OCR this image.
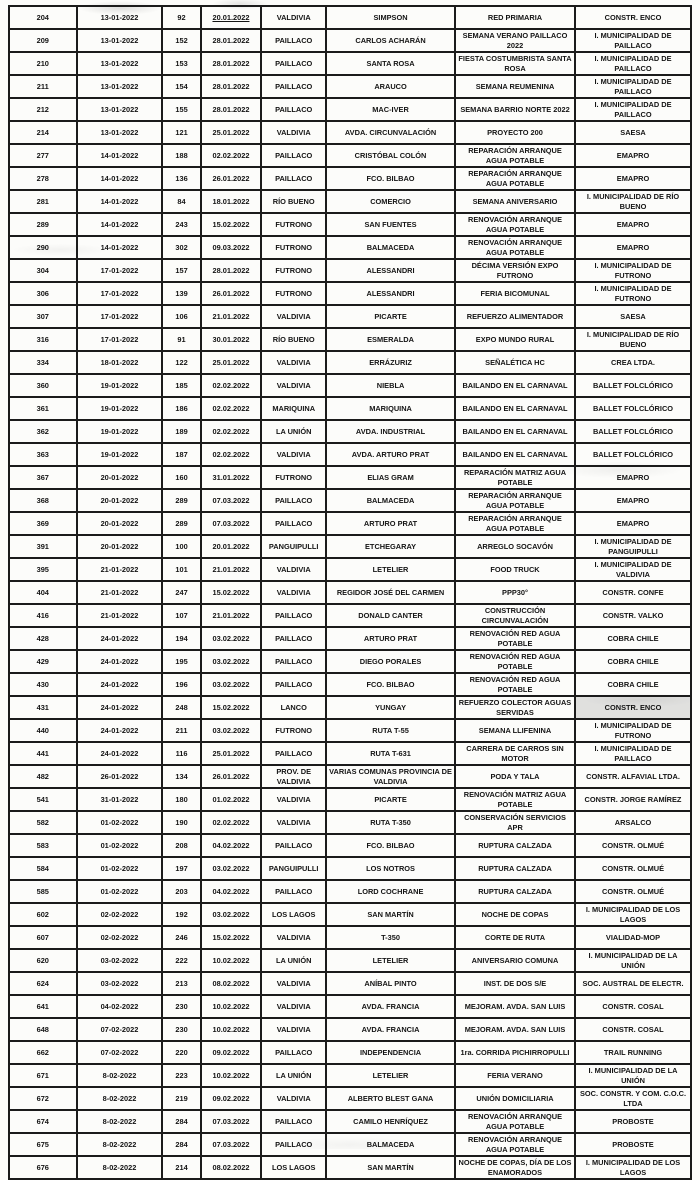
204	13-01-2022	92	20.01.2022	VALDIVIA	SIMPSON	RED PRIMARIA	CONSTR. ENCO
209	13-01-2022	152	28.01.2022	PAILLACO	CARLOS ACHARÁN	SEMANA VERANO PAILLACO 2022	I. MUNICIPALIDAD DE PAILLACO
210	13-01-2022	153	28.01.2022	PAILLACO	SANTA ROSA	FIESTA COSTUMBRISTA SANTA ROSA	I. MUNICIPALIDAD DE PAILLACO
211	13-01-2022	154	28.01.2022	PAILLACO	ARAUCO	SEMANA REUMENINA	I. MUNICIPALIDAD DE PAILLACO
212	13-01-2022	155	28.01.2022	PAILLACO	MAC-IVER	SEMANA BARRIO NORTE 2022	I. MUNICIPALIDAD DE PAILLACO
214	13-01-2022	121	25.01.2022	VALDIVIA	AVDA. CIRCUNVALACIÓN	PROYECTO 200	SAESA
277	14-01-2022	188	02.02.2022	PAILLACO	CRISTÓBAL COLÓN	REPARACIÓN ARRANQUE AGUA POTABLE	EMAPRO
278	14-01-2022	136	26.01.2022	PAILLACO	FCO. BILBAO	REPARACIÓN ARRANQUE AGUA POTABLE	EMAPRO
281	14-01-2022	84	18.01.2022	RÍO BUENO	COMERCIO	SEMANA ANIVERSARIO	I. MUNICIPALIDAD DE RÍO BUENO
289	14-01-2022	243	15.02.2022	FUTRONO	SAN FUENTES	RENOVACIÓN ARRANQUE AGUA POTABLE	EMAPRO
290	14-01-2022	302	09.03.2022	FUTRONO	BALMACEDA	RENOVACIÓN ARRANQUE AGUA POTABLE	EMAPRO
304	17-01-2022	157	28.01.2022	FUTRONO	ALESSANDRI	DÉCIMA VERSIÓN EXPO FUTRONO	I. MUNICIPALIDAD DE FUTRONO
306	17-01-2022	139	26.01.2022	FUTRONO	ALESSANDRI	FERIA BICOMUNAL	I. MUNICIPALIDAD DE FUTRONO
307	17-01-2022	106	21.01.2022	VALDIVIA	PICARTE	REFUERZO ALIMENTADOR	SAESA
316	17-01-2022	91	30.01.2022	RÍO BUENO	ESMERALDA	EXPO MUNDO RURAL	I. MUNICIPALIDAD DE RÍO BUENO
334	18-01-2022	122	25.01.2022	VALDIVIA	ERRÁZURIZ	SEÑALÉTICA HC	CREA LTDA.
360	19-01-2022	185	02.02.2022	VALDIVIA	NIEBLA	BAILANDO EN EL CARNAVAL	BALLET FOLCLÓRICO
361	19-01-2022	186	02.02.2022	MARIQUINA	MARIQUINA	BAILANDO EN EL CARNAVAL	BALLET FOLCLÓRICO
362	19-01-2022	189	02.02.2022	LA UNIÓN	AVDA. INDUSTRIAL	BAILANDO EN EL CARNAVAL	BALLET FOLCLÓRICO
363	19-01-2022	187	02.02.2022	VALDIVIA	AVDA. ARTURO PRAT	BAILANDO EN EL CARNAVAL	BALLET FOLCLÓRICO
367	20-01-2022	160	31.01.2022	FUTRONO	ELIAS GRAM	REPARACIÓN MATRIZ AGUA POTABLE	EMAPRO
368	20-01-2022	289	07.03.2022	PAILLACO	BALMACEDA	REPARACIÓN ARRANQUE AGUA POTABLE	EMAPRO
369	20-01-2022	289	07.03.2022	PAILLACO	ARTURO PRAT	REPARACIÓN ARRANQUE AGUA POTABLE	EMAPRO
391	20-01-2022	100	20.01.2022	PANGUIPULLI	ETCHEGARAY	ARREGLO SOCAVÓN	I. MUNICIPALIDAD DE PANGUIPULLI
395	21-01-2022	101	21.01.2022	VALDIVIA	LETELIER	FOOD TRUCK	I. MUNICIPALIDAD DE VALDIVIA
404	21-01-2022	247	15.02.2022	VALDIVIA	REGIDOR JOSÉ DEL CARMEN	PPP30°	CONSTR. CONFE
416	21-01-2022	107	21.01.2022	PAILLACO	DONALD CANTER	CONSTRUCCIÓN CIRCUNVALACIÓN	CONSTR. VALKO
428	24-01-2022	194	03.02.2022	PAILLACO	ARTURO PRAT	RENOVACIÓN RED AGUA POTABLE	COBRA CHILE
429	24-01-2022	195	03.02.2022	PAILLACO	DIEGO PORALES	RENOVACIÓN RED AGUA POTABLE	COBRA CHILE
430	24-01-2022	196	03.02.2022	PAILLACO	FCO. BILBAO	RENOVACIÓN RED AGUA POTABLE	COBRA CHILE
431	24-01-2022	248	15.02.2022	LANCO	YUNGAY	REFUERZO COLECTOR AGUAS SERVIDAS	CONSTR. ENCO
440	24-01-2022	211	03.02.2022	FUTRONO	RUTA T-55	SEMANA LLIFENINA	I. MUNICIPALIDAD DE FUTRONO
441	24-01-2022	116	25.01.2022	PAILLACO	RUTA T-631	CARRERA DE CARROS SIN MOTOR	I. MUNICIPALIDAD DE PAILLACO
482	26-01-2022	134	26.01.2022	PROV. DE VALDIVIA	VARIAS COMUNAS PROVINCIA DE VALDIVIA	PODA Y TALA	CONSTR. ALFAVIAL LTDA.
541	31-01-2022	180	01.02.2022	VALDIVIA	PICARTE	RENOVACIÓN MATRIZ AGUA POTABLE	CONSTR. JORGE RAMÍREZ
582	01-02-2022	190	02.02.2022	VALDIVIA	RUTA T-350	CONSERVACIÓN SERVICIOS APR	ARSALCO
583	01-02-2022	208	04.02.2022	PAILLACO	FCO. BILBAO	RUPTURA CALZADA	CONSTR. OLMUÉ
584	01-02-2022	197	03.02.2022	PANGUIPULLI	LOS NOTROS	RUPTURA CALZADA	CONSTR. OLMUÉ
585	01-02-2022	203	04.02.2022	PAILLACO	LORD COCHRANE	RUPTURA CALZADA	CONSTR. OLMUÉ
602	02-02-2022	192	03.02.2022	LOS LAGOS	SAN MARTÍN	NOCHE DE COPAS	I. MUNICIPALIDAD DE LOS LAGOS
607	02-02-2022	246	15.02.2022	VALDIVIA	T-350	CORTE DE RUTA	VIALIDAD-MOP
620	03-02-2022	222	10.02.2022	LA UNIÓN	LETELIER	ANIVERSARIO COMUNA	I. MUNICIPALIDAD DE LA UNIÓN
624	03-02-2022	213	08.02.2022	VALDIVIA	ANÍBAL PINTO	INST. DE DOS S/E	SOC. AUSTRAL DE ELECTR.
641	04-02-2022	230	10.02.2022	VALDIVIA	AVDA. FRANCIA	MEJORAM. AVDA. SAN LUIS	CONSTR. COSAL
648	07-02-2022	230	10.02.2022	VALDIVIA	AVDA. FRANCIA	MEJORAM. AVDA. SAN LUIS	CONSTR. COSAL
662	07-02-2022	220	09.02.2022	PAILLACO	INDEPENDENCIA	1ra. CORRIDA PICHIRROPULLI	TRAIL RUNNING
671	8-02-2022	223	10.02.2022	LA UNIÓN	LETELIER	FERIA VERANO	I. MUNICIPALIDAD DE LA UNIÓN
672	8-02-2022	219	09.02.2022	VALDIVIA	ALBERTO BLEST GANA	UNIÓN DOMICILIARIA	SOC. CONSTR. Y COM. C.O.C. LTDA
674	8-02-2022	284	07.03.2022	PAILLACO	CAMILO HENRÍQUEZ	RENOVACIÓN ARRANQUE AGUA POTABLE	PROBOSTE
675	8-02-2022	284	07.03.2022	PAILLACO	BALMACEDA	RENOVACIÓN ARRANQUE AGUA POTABLE	PROBOSTE
676	8-02-2022	214	08.02.2022	LOS LAGOS	SAN MARTÍN	NOCHE DE COPAS, DÍA DE LOS ENAMORADOS	I. MUNICIPALIDAD DE LOS LAGOS
